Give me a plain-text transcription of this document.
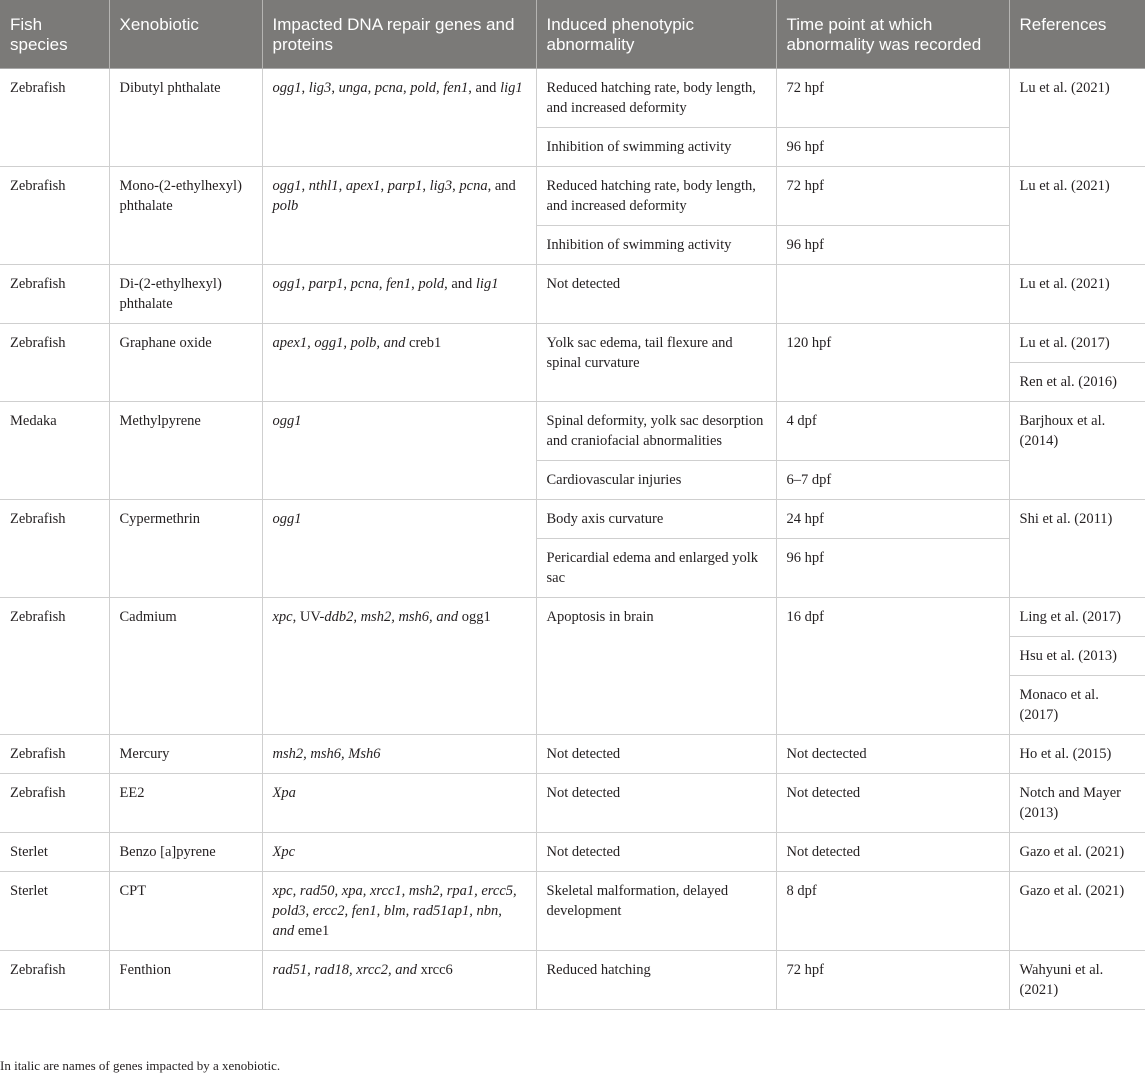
Fish species	Xenobiotic	Impacted DNA repair genes and proteins	Induced phenotypic abnormality	Time point at which abnormality was recorded	References
Zebrafish	Dibutyl phthalate	ogg1, lig3, unga, pcna, pold, fen1, and lig1	Reduced hatching rate, body length, and increased deformity	72 hpf	Lu et al. (2021)
			Inhibition of swimming activity	96 hpf	
Zebrafish	Mono-(2-ethylhexyl) phthalate	ogg1, nthl1, apex1, parp1, lig3, pcna, and polb	Reduced hatching rate, body length, and increased deformity	72 hpf	Lu et al. (2021)
			Inhibition of swimming activity	96 hpf	
Zebrafish	Di-(2-ethylhexyl) phthalate	ogg1, parp1, pcna, fen1, pold, and lig1	Not detected		Lu et al. (2021)
Zebrafish	Graphane oxide	apex1, ogg1, polb, and creb1	Yolk sac edema, tail flexure and spinal curvature	120 hpf	Lu et al. (2017)
					Ren et al. (2016)
Medaka	Methylpyrene	ogg1	Spinal deformity, yolk sac desorption and craniofacial abnormalities	4 dpf	Barjhoux et al. (2014)
			Cardiovascular injuries	6–7 dpf	
Zebrafish	Cypermethrin	ogg1	Body axis curvature	24 hpf	Shi et al. (2011)
			Pericardial edema and enlarged yolk sac	96 hpf	
Zebrafish	Cadmium	xpc, UV-ddb2, msh2, msh6, and ogg1	Apoptosis in brain	16 dpf	Ling et al. (2017)
					Hsu et al. (2013)
					Monaco et al. (2017)
Zebrafish	Mercury	msh2, msh6, Msh6	Not detected	Not dectected	Ho et al. (2015)
Zebrafish	EE2	Xpa	Not detected	Not detected	Notch and Mayer (2013)
Sterlet	Benzo [a]pyrene	Xpc	Not detected	Not detected	Gazo et al. (2021)
Sterlet	CPT	xpc, rad50, xpa, xrcc1, msh2, rpa1, ercc5, pold3, ercc2, fen1, blm, rad51ap1, nbn, and eme1	Skeletal malformation, delayed development	8 dpf	Gazo et al. (2021)
Zebrafish	Fenthion	rad51, rad18, xrcc2, and xrcc6	Reduced hatching	72 hpf	Wahyuni et al. (2021)
In italic are names of genes impacted by a xenobiotic.
